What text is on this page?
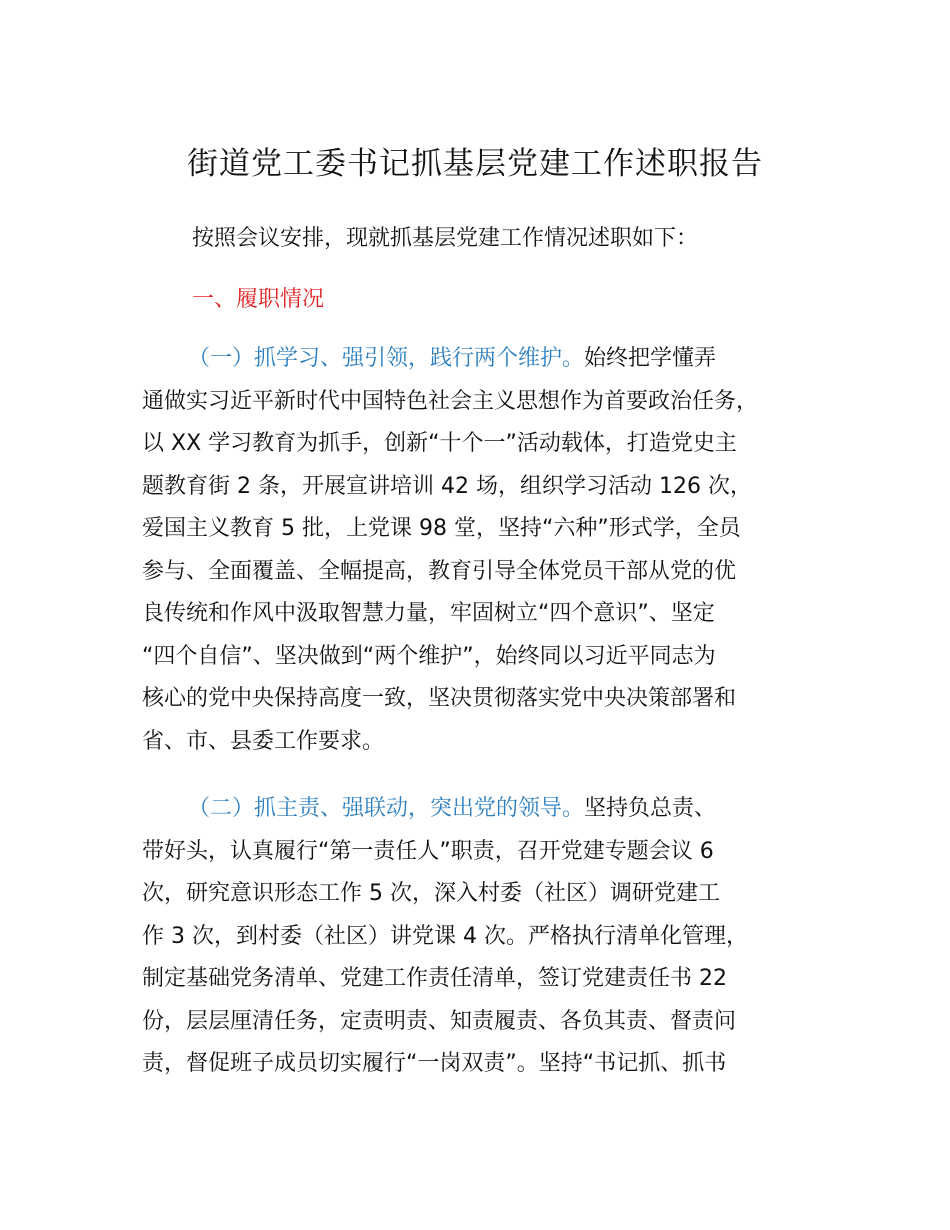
街道党工委书记抓基层党建工作述职报告
按照会议安排，现就抓基层党建工作情况述职如下：
一、履职情况
（一）抓学习、强引领，践行两个维护。始终把学懂弄
通做实习近平新时代中国特色社会主义思想作为首要政治任务，
以 XX 学习教育为抓手，创新“十个一”活动载体，打造党史主
题教育街 2 条，开展宣讲培训 42 场，组织学习活动 126 次，
爱国主义教育 5 批，上党课 98 堂，坚持“六种”形式学，全员
参与、全面覆盖、全幅提高，教育引导全体党员干部从党的优
良传统和作风中汲取智慧力量，牢固树立“四个意识”、坚定
“四个自信”、坚决做到“两个维护”，始终同以习近平同志为
核心的党中央保持高度一致，坚决贯彻落实党中央决策部署和
省、市、县委工作要求。
（二）抓主责、强联动，突出党的领导。坚持负总责、
带好头，认真履行“第一责任人”职责，召开党建专题会议 6
次，研究意识形态工作 5 次，深入村委（社区）调研党建工
作 3 次，到村委（社区）讲党课 4 次。严格执行清单化管理，
制定基础党务清单、党建工作责任清单，签订党建责任书 22
份，层层厘清任务，定责明责、知责履责、各负其责、督责问
责，督促班子成员切实履行“一岗双责”。坚持“书记抓、抓书
